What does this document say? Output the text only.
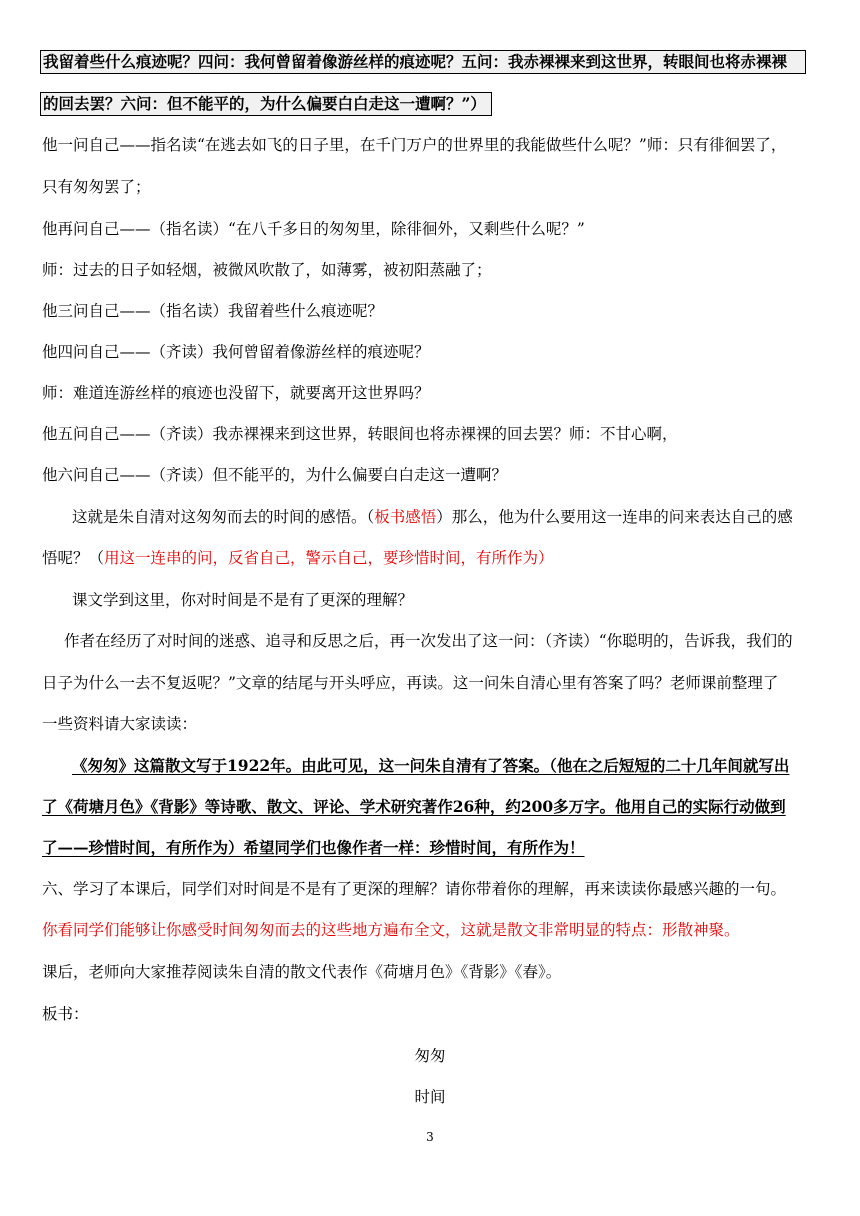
我留着些什么痕迹呢？四问：我何曾留着像游丝样的痕迹呢？五问：我赤裸裸来到这世界，转眼间也将赤裸裸
的回去罢？六问：但不能平的，为什么偏要白白走这一遭啊？”）
他一问自己——指名读“在逃去如飞的日子里，在千门万户的世界里的我能做些什么呢？”师：只有徘徊罢了，
只有匆匆罢了；
他再问自己——（指名读）“在八千多日的匆匆里，除徘徊外，又剩些什么呢？”
师：过去的日子如轻烟，被微风吹散了，如薄雾，被初阳蒸融了；
他三问自己——（指名读）我留着些什么痕迹呢？
他四问自己——（齐读）我何曾留着像游丝样的痕迹呢？
师：难道连游丝样的痕迹也没留下，就要离开这世界吗？
他五问自己——（齐读）我赤裸裸来到这世界，转眼间也将赤裸裸的回去罢？师：不甘心啊，
他六问自己——（齐读）但不能平的，为什么偏要白白走这一遭啊？
这就是朱自清对这匆匆而去的时间的感悟。（板书感悟）那么，他为什么要用这一连串的问来表达自己的感
悟呢？（用这一连串的问，反省自己，警示自己，要珍惜时间，有所作为）
课文学到这里，你对时间是不是有了更深的理解？
作者在经历了对时间的迷惑、追寻和反思之后，再一次发出了这一问：（齐读）“你聪明的，告诉我，我们的
日子为什么一去不复返呢？”文章的结尾与开头呼应，再读。这一问朱自清心里有答案了吗？老师课前整理了
一些资料请大家读读：
《匆匆》这篇散文写于1922年。由此可见，这一问朱自清有了答案。（他在之后短短的二十几年间就写出
了《荷塘月色》《背影》等诗歌、散文、评论、学术研究著作26种，约200多万字。他用自己的实际行动做到
了——珍惜时间，有所作为）希望同学们也像作者一样：珍惜时间，有所作为！
六、学习了本课后，同学们对时间是不是有了更深的理解？请你带着你的理解，再来读读你最感兴趣的一句。
你看同学们能够让你感受时间匆匆而去的这些地方遍布全文，这就是散文非常明显的特点：形散神聚。
课后，老师向大家推荐阅读朱自清的散文代表作《荷塘月色》《背影》《春》。
板书：
匆匆
时间
3
